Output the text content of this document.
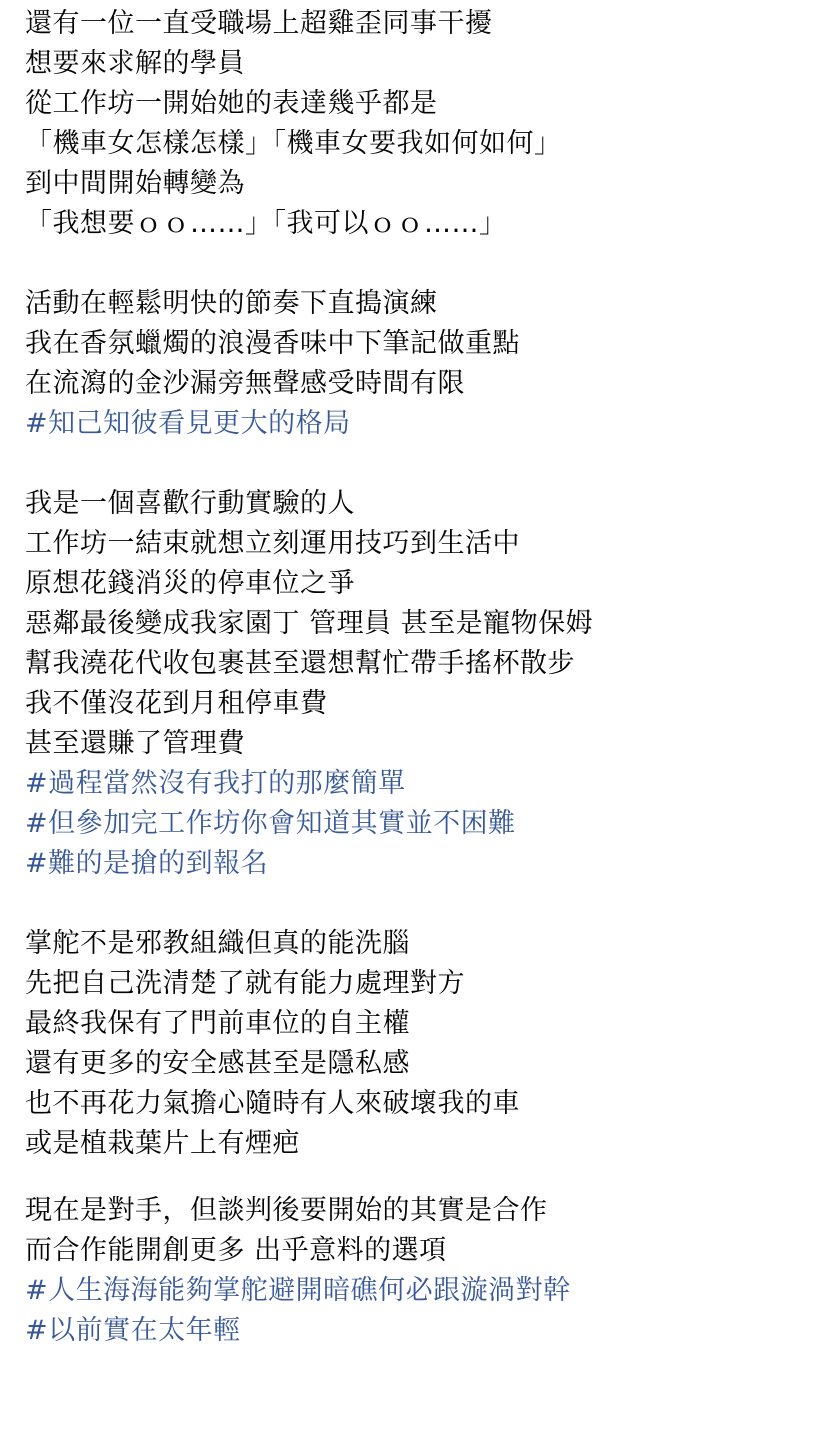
還有一位一直受職場上超雞歪同事干擾
想要來求解的學員
從工作坊一開始她的表達幾乎都是
「機車女怎樣怎樣」「機車女要我如何如何」
到中間開始轉變為
「我想要ｏｏ……」「我可以ｏｏ……」
活動在輕鬆明快的節奏下直搗演練
我在香氛蠟燭的浪漫香味中下筆記做重點
在流瀉的金沙漏旁無聲感受時間有限
#知己知彼看見更大的格局
我是一個喜歡行動實驗的人
工作坊一結束就想立刻運用技巧到生活中
原想花錢消災的停車位之爭
惡鄰最後變成我家園丁 管理員 甚至是寵物保姆
幫我澆花代收包裹甚至還想幫忙帶手搖杯散步
我不僅沒花到月租停車費
甚至還賺了管理費
#過程當然沒有我打的那麼簡單
#但參加完工作坊你會知道其實並不困難
#難的是搶的到報名
掌舵不是邪教組織但真的能洗腦
先把自己洗清楚了就有能力處理對方
最終我保有了門前車位的自主權
還有更多的安全感甚至是隱私感
也不再花力氣擔心隨時有人來破壞我的車
或是植栽葉片上有煙疤
現在是對手，但談判後要開始的其實是合作
而合作能開創更多 出乎意料的選項
#人生海海能夠掌舵避開暗礁何必跟漩渦對幹
#以前實在太年輕
